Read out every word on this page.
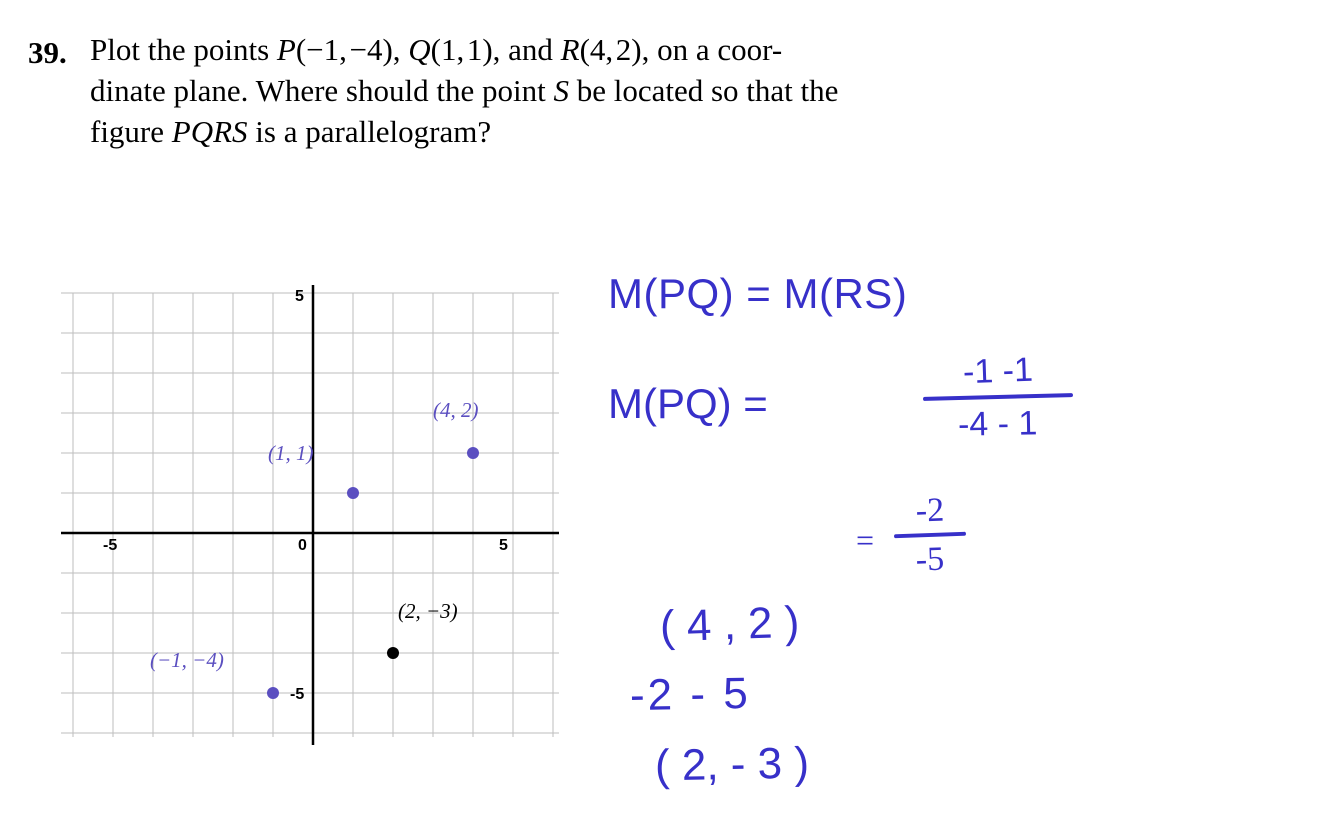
39. Plot the points P(−1, −4), Q(1, 1), and R(4, 2), on a coor-
dinate plane. Where should the point S be located so that the
figure PQRS is a parallelogram?
-5	0	5
5
-5
(1, 1)
(4, 2)
(−1, −4)
(2, −3)
M(PQ) = M(RS)
M(PQ) =
-1 -1
-4 - 1
=
-2
-5
( 4 , 2 )
-2 - 5
( 2, - 3 )
